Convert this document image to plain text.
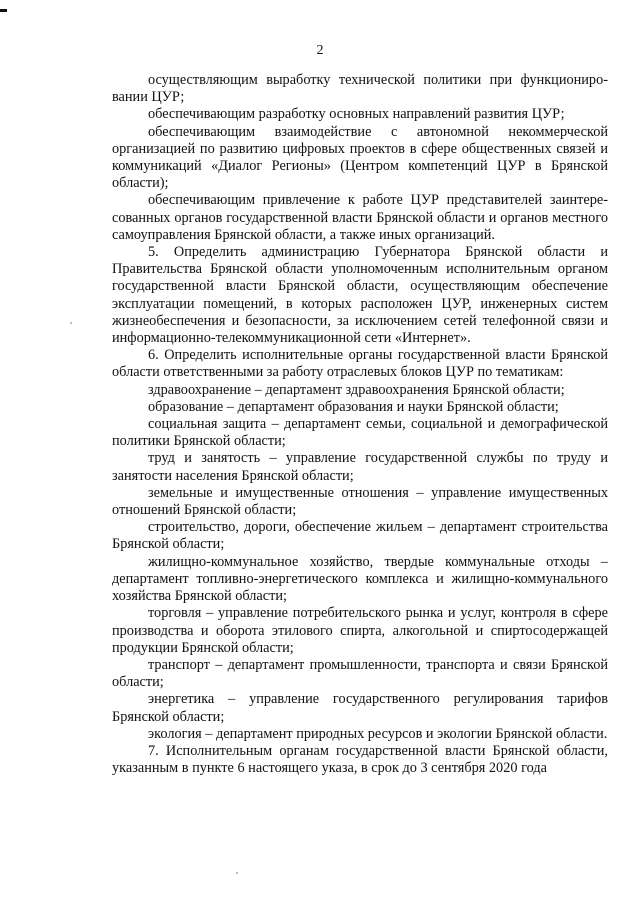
2

осуществляющим выработку технической политики при функционировании ЦУР;

обеспечивающим разработку основных направлений развития ЦУР;

обеспечивающим взаимодействие с автономной некоммерческой организацией по развитию цифровых проектов в сфере общественных связей и коммуникаций «Диалог Регионы» (Центром компетенций ЦУР в Брянской области);

обеспечивающим привлечение к работе ЦУР представителей заинтересованных органов государственной власти Брянской области и органов местного самоуправления Брянской области, а также иных организаций.

5. Определить администрацию Губернатора Брянской области и Правительства Брянской области уполномоченным исполнительным органом государственной власти Брянской области, осуществляющим обеспечение эксплуатации помещений, в которых расположен ЦУР, инженерных систем жизнеобеспечения и безопасности, за исключением сетей телефонной связи и информационно-телекоммуникационной сети «Интернет».

6. Определить исполнительные органы государственной власти Брянской области ответственными за работу отраслевых блоков ЦУР по тематикам:

здравоохранение – департамент здравоохранения Брянской области;

образование – департамент образования и науки Брянской области;

социальная защита – департамент семьи, социальной и демографической политики Брянской области;

труд и занятость – управление государственной службы по труду и занятости населения Брянской области;

земельные и имущественные отношения – управление имущественных отношений Брянской области;

строительство, дороги, обеспечение жильем – департамент строительства Брянской области;

жилищно-коммунальное хозяйство, твердые коммунальные отходы – департамент топливно-энергетического комплекса и жилищно-коммунального хозяйства Брянской области;

торговля – управление потребительского рынка и услуг, контроля в сфере производства и оборота этилового спирта, алкогольной и спиртосодержащей продукции Брянской области;

транспорт – департамент промышленности, транспорта и связи Брянской области;

энергетика – управление государственного регулирования тарифов Брянской области;

экология – департамент природных ресурсов и экологии Брянской области.

7. Исполнительным органам государственной власти Брянской области, указанным в пункте 6 настоящего указа, в срок до 3 сентября 2020 года
